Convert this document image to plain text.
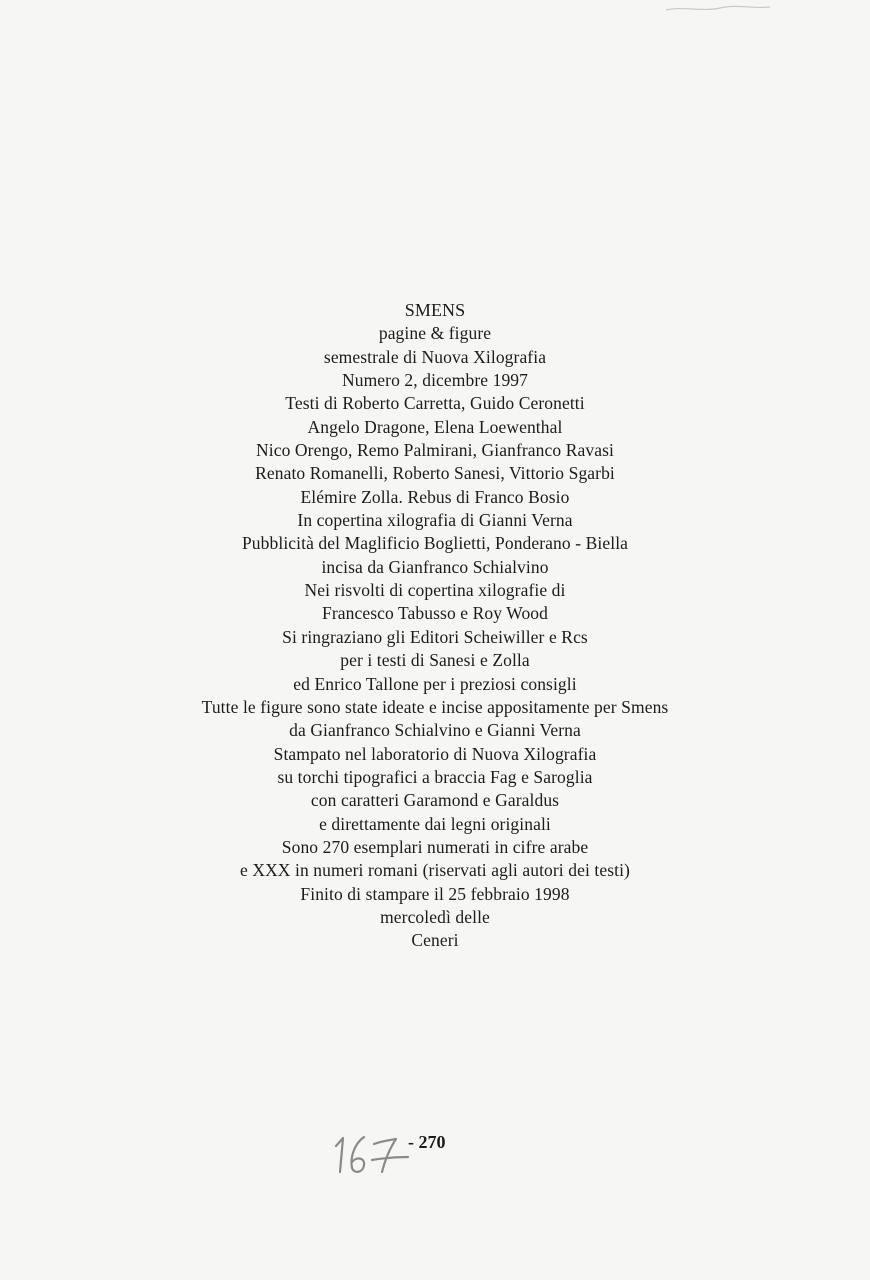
SMENS
pagine & figure
semestrale di Nuova Xilografia
Numero 2, dicembre 1997
Testi di Roberto Carretta, Guido Ceronetti
Angelo Dragone, Elena Loewenthal
Nico Orengo, Remo Palmirani, Gianfranco Ravasi
Renato Romanelli, Roberto Sanesi, Vittorio Sgarbi
Elémire Zolla. Rebus di Franco Bosio
In copertina xilografia di Gianni Verna
Pubblicità del Maglificio Boglietti, Ponderano - Biella
incisa da Gianfranco Schialvino
Nei risvolti di copertina xilografie di
Francesco Tabusso e Roy Wood
Si ringraziano gli Editori Scheiwiller e Rcs
per i testi di Sanesi e Zolla
ed Enrico Tallone per i preziosi consigli
Tutte le figure sono state ideate e incise appositamente per Smens
da Gianfranco Schialvino e Gianni Verna
Stampato nel laboratorio di Nuova Xilografia
su torchi tipografici a braccia Fag e Saroglia
con caratteri Garamond e Garaldus
e direttamente dai legni originali
Sono 270 esemplari numerati in cifre arabe
e XXX in numeri romani (riservati agli autori dei testi)
Finito di stampare il 25 febbraio 1998
mercoledì delle
Ceneri
- 270
